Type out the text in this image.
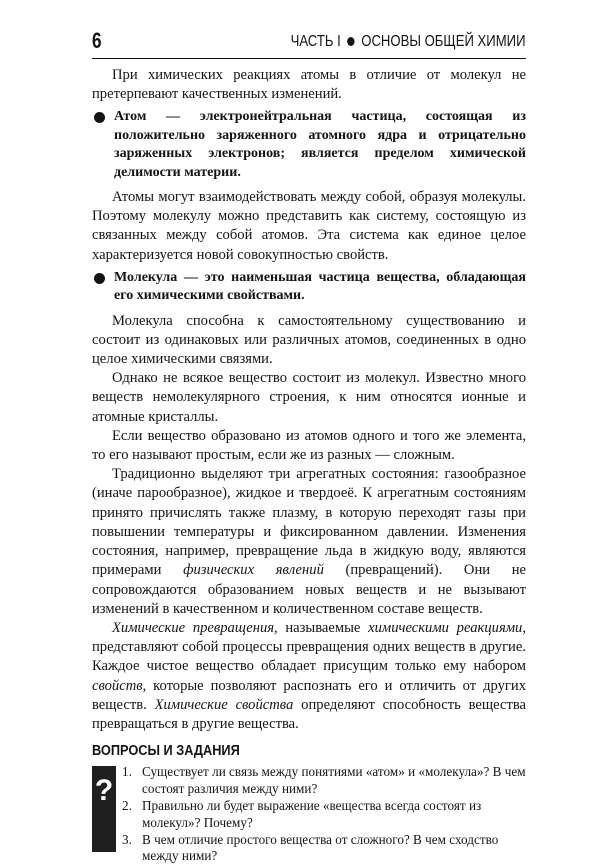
6	ЧАСТЬ I ОСНОВЫ ОБЩЕЙ ХИМИИ

При химических реакциях атомы в отличие от молекул не претерпевают качественных изменений.

Атом — электронейтральная частица, состоящая из положительно заряженного атомного ядра и отрицательно заряженных электронов; является пределом химической делимости материи.

Атомы могут взаимодействовать между собой, образуя молекулы. Поэтому молекулу можно представить как систему, состоящую из связанных между собой атомов. Эта система как единое целое характеризуется новой совокупностью свойств.

Молекула — это наименьшая частица вещества, обладающая его химическими свойствами.

Молекула способна к самостоятельному существованию и состоит из одинаковых или различных атомов, соединенных в одно целое химическими связями.

Однако не всякое вещество состоит из молекул. Известно много веществ немолекулярного строения, к ним относятся ионные и атомные кристаллы.

Если вещество образовано из атомов одного и того же элемента, то его называют простым, если же из разных — сложным.

Традиционно выделяют три агрегатных состояния: газообразное (иначе парообразное), жидкое и твердоеё. К агрегатным состояниям принято причислять также плазму, в которую переходят газы при повышении температуры и фиксированном давлении. Изменения состояния, например, превращение льда в жидкую воду, являются примерами физических явлений (превращений). Они не сопровождаются образованием новых веществ и не вызывают изменений в качественном и количественном составе веществ.

Химические превращения, называемые химическими реакциями, представляют собой процессы превращения одних веществ в другие. Каждое чистое вещество обладает присущим только ему набором свойств, которые позволяют распознать его и отличить от других веществ. Химические свойства определяют способность вещества превращаться в другие вещества.

ВОПРОСЫ И ЗАДАНИЯ
?
1. Существует ли связь между понятиями «атом» и «молекула»? В чем состоят различия между ними?
2. Правильно ли будет выражение «вещества всегда состоят из молекул»? Почему?
3. В чем отличие простого вещества от сложного? В чем сходство между ними?
